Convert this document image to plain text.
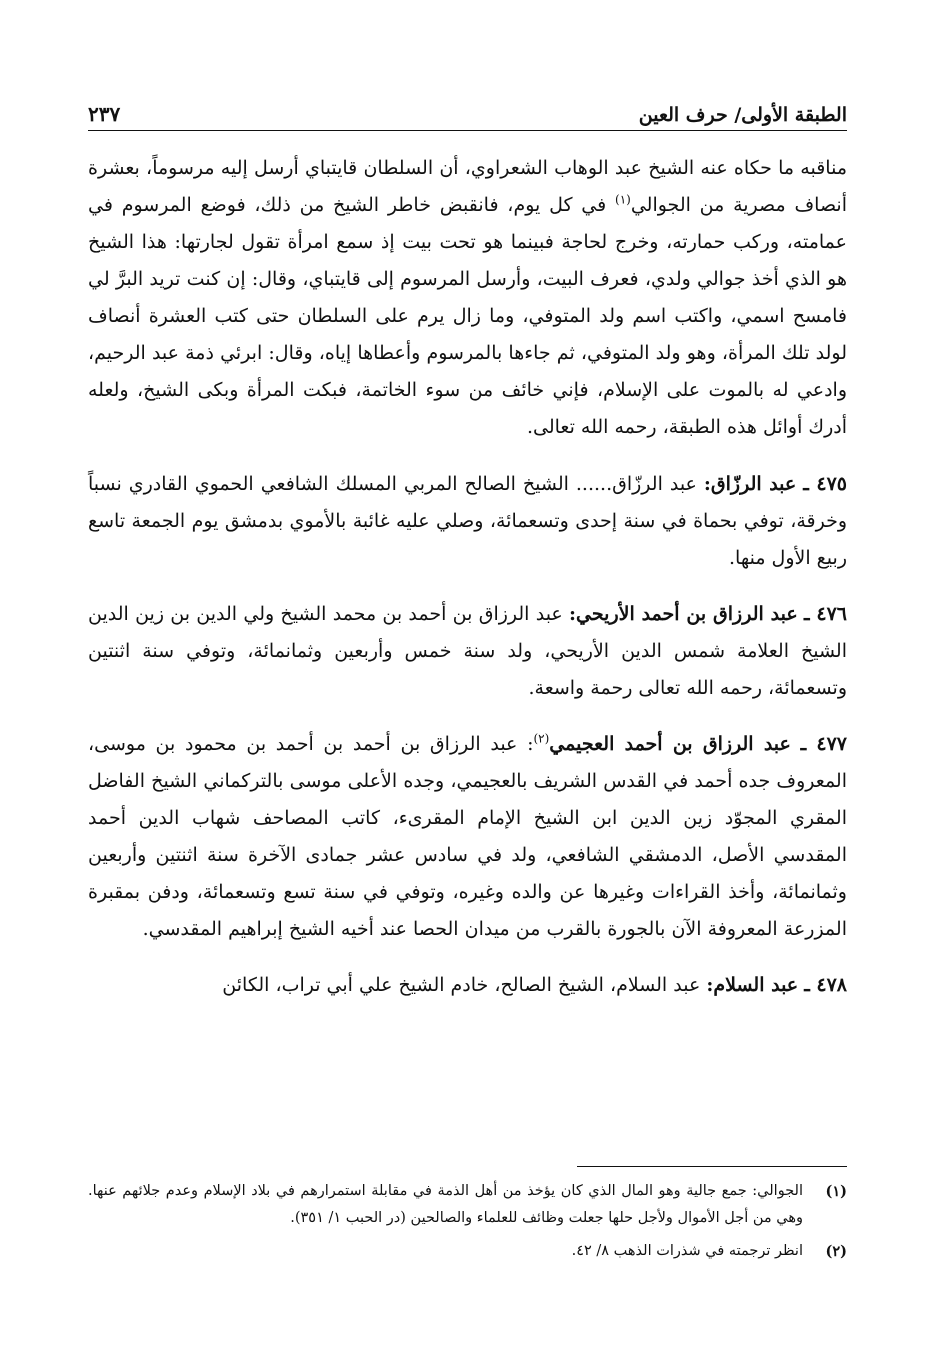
الطبقة الأولى/ حرف العين
٢٣٧

مناقبه ما حكاه عنه الشيخ عبد الوهاب الشعراوي، أن السلطان قايتباي أرسل إليه مرسوماً، بعشرة أنصاف مصرية من الجوالي$^{(١)}$ في كل يوم، فانقبض خاطر الشيخ من ذلك، فوضع المرسوم في عمامته، وركب حمارته، وخرج لحاجة فبينما هو تحت بيت إذ سمع امرأة تقول لجارتها: هذا الشيخ هو الذي أخذ جوالي ولدي، فعرف البيت، وأرسل المرسوم إلى قايتباي، وقال: إن كنت تريد البرَّ لي فامسح اسمي، واكتب اسم ولد المتوفي، وما زال يرم على السلطان حتى كتب العشرة أنصاف لولد تلك المرأة، وهو ولد المتوفي، ثم جاءها بالمرسوم وأعطاها إياه، وقال: ابرئي ذمة عبد الرحيم، وادعي له بالموت على الإسلام، فإني خائف من سوء الخاتمة، فبكت المرأة وبكى الشيخ، ولعله أدرك أوائل هذه الطبقة، رحمه الله تعالى.

٤٧٥ ـ عبد الرزّاق: عبد الرزّاق...... الشيخ الصالح المربي المسلك الشافعي الحموي القادري نسباً وخرقة، توفي بحماة في سنة إحدى وتسعمائة، وصلي عليه غائبة بالأموي بدمشق يوم الجمعة تاسع ربيع الأول منها.

٤٧٦ ـ عبد الرزاق بن أحمد الأريحي: عبد الرزاق بن أحمد بن محمد الشيخ ولي الدين بن زين الدين الشيخ العلامة شمس الدين الأريحي، ولد سنة خمس وأربعين وثمانمائة، وتوفي سنة اثنتين وتسعمائة، رحمه الله تعالى رحمة واسعة.

٤٧٧ ـ عبد الرزاق بن أحمد العجيمي$^{(٢)}$: عبد الرزاق بن أحمد بن أحمد بن محمود بن موسى، المعروف جده أحمد في القدس الشريف بالعجيمي، وجده الأعلى موسى بالتركماني الشيخ الفاضل المقري المجوّد زين الدين ابن الشيخ الإمام المقرىء، كاتب المصاحف شهاب الدين أحمد المقدسي الأصل، الدمشقي الشافعي، ولد في سادس عشر جمادى الآخرة سنة اثنتين وأربعين وثمانمائة، وأخذ القراءات وغيرها عن والده وغيره، وتوفي في سنة تسع وتسعمائة، ودفن بمقبرة المزرعة المعروفة الآن بالجورة بالقرب من ميدان الحصا عند أخيه الشيخ إبراهيم المقدسي.

٤٧٨ ـ عبد السلام: عبد السلام، الشيخ الصالح، خادم الشيخ علي أبي تراب، الكائن

(١)
الجوالي: جمع جالية وهو المال الذي كان يؤخذ من أهل الذمة في مقابلة استمرارهم في بلاد الإسلام وعدم جلائهم عنها. وهي من أجل الأموال ولأجل حلها جعلت وظائف للعلماء والصالحين (در الحبب ١/ ٣٥١).
(٢)
انظر ترجمته في شذرات الذهب ٨/ ٤٢.
